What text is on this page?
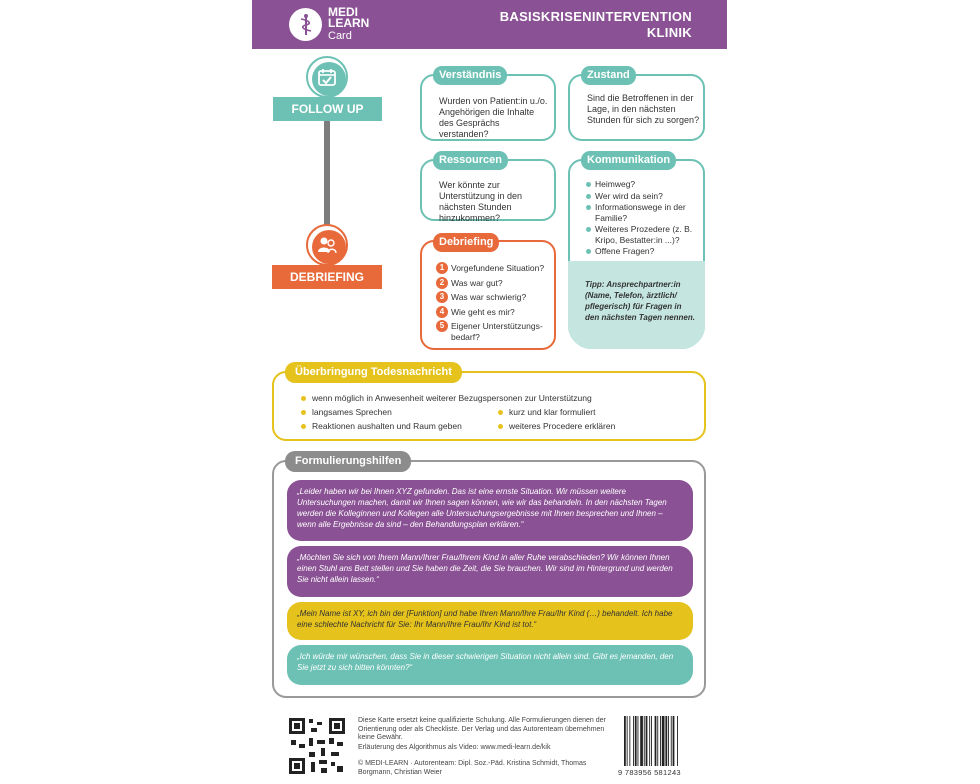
MEDI
LEARN
Card
BASISKRISENINTERVENTION
KLINIK
FOLLOW UP
DEBRIEFING
Wurden von Patient:in u./o. Angehörigen die Inhalte des Gesprächs verstanden?
Verständnis
Sind die Betroffenen in der Lage, in den nächsten Stunden für sich zu sorgen?
Zustand
Wer könnte zur Unterstützung in den nächsten Stunden hinzukommen?
Ressourcen
Heimweg?
Wer wird da sein?
Informationswege in der Familie?
Weiteres Prozedere (z. B. Kripo, Bestatter:in ...)?
Offene Fragen?
Tipp: Ansprechpartner:in (Name, Telefon, ärztlich/ pflegerisch) für Fragen in den nächsten Tagen nennen.
Kommunikation
1 Vorgefundene Situation?
2 Was war gut?
3 Was war schwierig?
4 Wie geht es mir?
5 Eigener Unterstützungs-bedarf?
Debriefing
wenn möglich in Anwesenheit weiterer Bezugspersonen zur Unterstützung
langsames Sprechen
Reaktionen aushalten und Raum geben
kurz und klar formuliert
weiteres Procedere erklären
Überbringung Todesnachricht
Formulierungshilfen
„Leider haben wir bei Ihnen XYZ gefunden. Das ist eine ernste Situation. Wir müssen weitere Untersuchungen machen, damit wir Ihnen sagen können, wie wir das behandeln. In den nächsten Tagen werden die Kolleginnen und Kollegen alle Untersuchungsergebnisse mit Ihnen besprechen und Ihnen – wenn alle Ergebnisse da sind – den Behandlungsplan erklären.“
„Möchten Sie sich von Ihrem Mann/Ihrer Frau/Ihrem Kind in aller Ruhe verabschieden? Wir können Ihnen einen Stuhl ans Bett stellen und Sie haben die Zeit, die Sie brauchen. Wir sind im Hintergrund und werden Sie nicht allein lassen.“
„Mein Name ist XY, ich bin der [Funktion] und habe Ihren Mann/Ihre Frau/Ihr Kind (…) behandelt. Ich habe eine schlechte Nachricht für Sie: Ihr Mann/Ihre Frau/Ihr Kind ist tot.“
„Ich würde mir wünschen, dass Sie in dieser schwierigen Situation nicht allein sind. Gibt es jemanden, den Sie jetzt zu sich bitten könnten?“
Diese Karte ersetzt keine qualifizierte Schulung. Alle Formulierungen dienen der Orientierung oder als Checkliste. Der Verlag und das Autorenteam übernehmen keine Gewähr.
Erläuterung des Algorithmus als Video: www.medi-learn.de/kik
© MEDI-LEARN · Autorenteam: Dipl. Soz.-Päd. Kristina Schmidt, Thomas Borgmann, Christian Weier	9 783956 581243
